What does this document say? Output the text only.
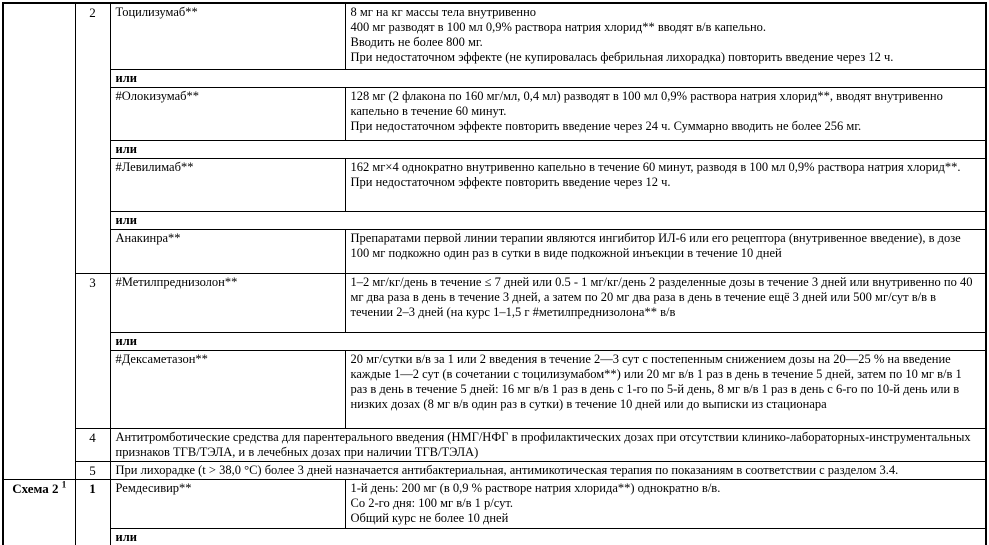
	2	Тоцилизумаб**	8 мг на кг массы тела внутривенно
400 мг разводят в 100 мл 0,9% раствора натрия хлорид** вводят в/в капельно.
Вводить не более 800 мг.
При недостаточном эффекте (не купировалась фебрильная лихорадка) повторить введение через 12 ч.

		или	
		#Олокизумаб**	128 мг (2 флакона по 160 мг/мл, 0,4 мл) разводят в 100 мл 0,9% раствора натрия хлорид**, вводят внутривенно капельно в течение 60 минут.
При недостаточном эффекте повторить введение через 24 ч. Суммарно вводить не более 256 мг.

		или	
		#Левилимаб**	162 мг×4 однократно внутривенно капельно в течение 60 минут, разводя в 100 мл 0,9% раствора натрия хлорид**.
При недостаточном эффекте повторить введение через 12 ч.

		или	
		Анакинра**	Препаратами первой линии терапии являются ингибитор ИЛ-6 или его рецептора (внутривенное введение), в дозе 100 мг подкожно один раз в сутки в виде подкожной инъекции в течение 10 дней

	3	#Метилпреднизолон**	1–2 мг/кг/день в течение ≤ 7 дней или 0.5 - 1 мг/кг/день 2 разделенные дозы в течение 3 дней или внутривенно по 40 мг два раза в день в течение 3 дней, а затем по 20 мг два раза в день в течение ещё 3 дней или 500 мг/сут в/в в течении 2–3 дней (на курс 1–1,5 г #метилпреднизолона** в/в

		или	
		#Дексаметазон**	20 мг/сутки в/в за 1 или 2 введения в течение 2—3 сут с постепенным снижением дозы на 20—25 % на введение каждые 1—2 сут (в сочетании с тоцилизумабом**) или 20 мг в/в 1 раз в день в течение 5 дней, затем по 10 мг в/в 1 раз в день в течение 5 дней: 16 мг в/в 1 раз в день с 1-го по 5-й день, 8 мг в/в 1 раз в день с 6-го по 10-й день или в низких дозах (8 мг в/в один раз в сутки) в течение 10 дней или до выписки из стационара

	4	Антитромботические средства для парентерального введения (НМГ/НФГ в профилактических дозах при отсутствии клинико-лабораторных-инструментальных признаков ТГВ/ТЭЛА, и в лечебных дозах при наличии ТГВ/ТЭЛА)	
	5	При лихорадке (t > 38,0 °C) более 3 дней назначается антибактериальная, антимикотическая терапия по показаниям в соответствии с разделом 3.4.	
Схема 2 $^1$	1	Ремдесивир**	1-й день: 200 мг (в 0,9 % растворе натрия хлорида**) однократно в/в.
Со 2-го дня: 100 мг в/в 1 р/сут.
Общий курс не более 10 дней

		или	
